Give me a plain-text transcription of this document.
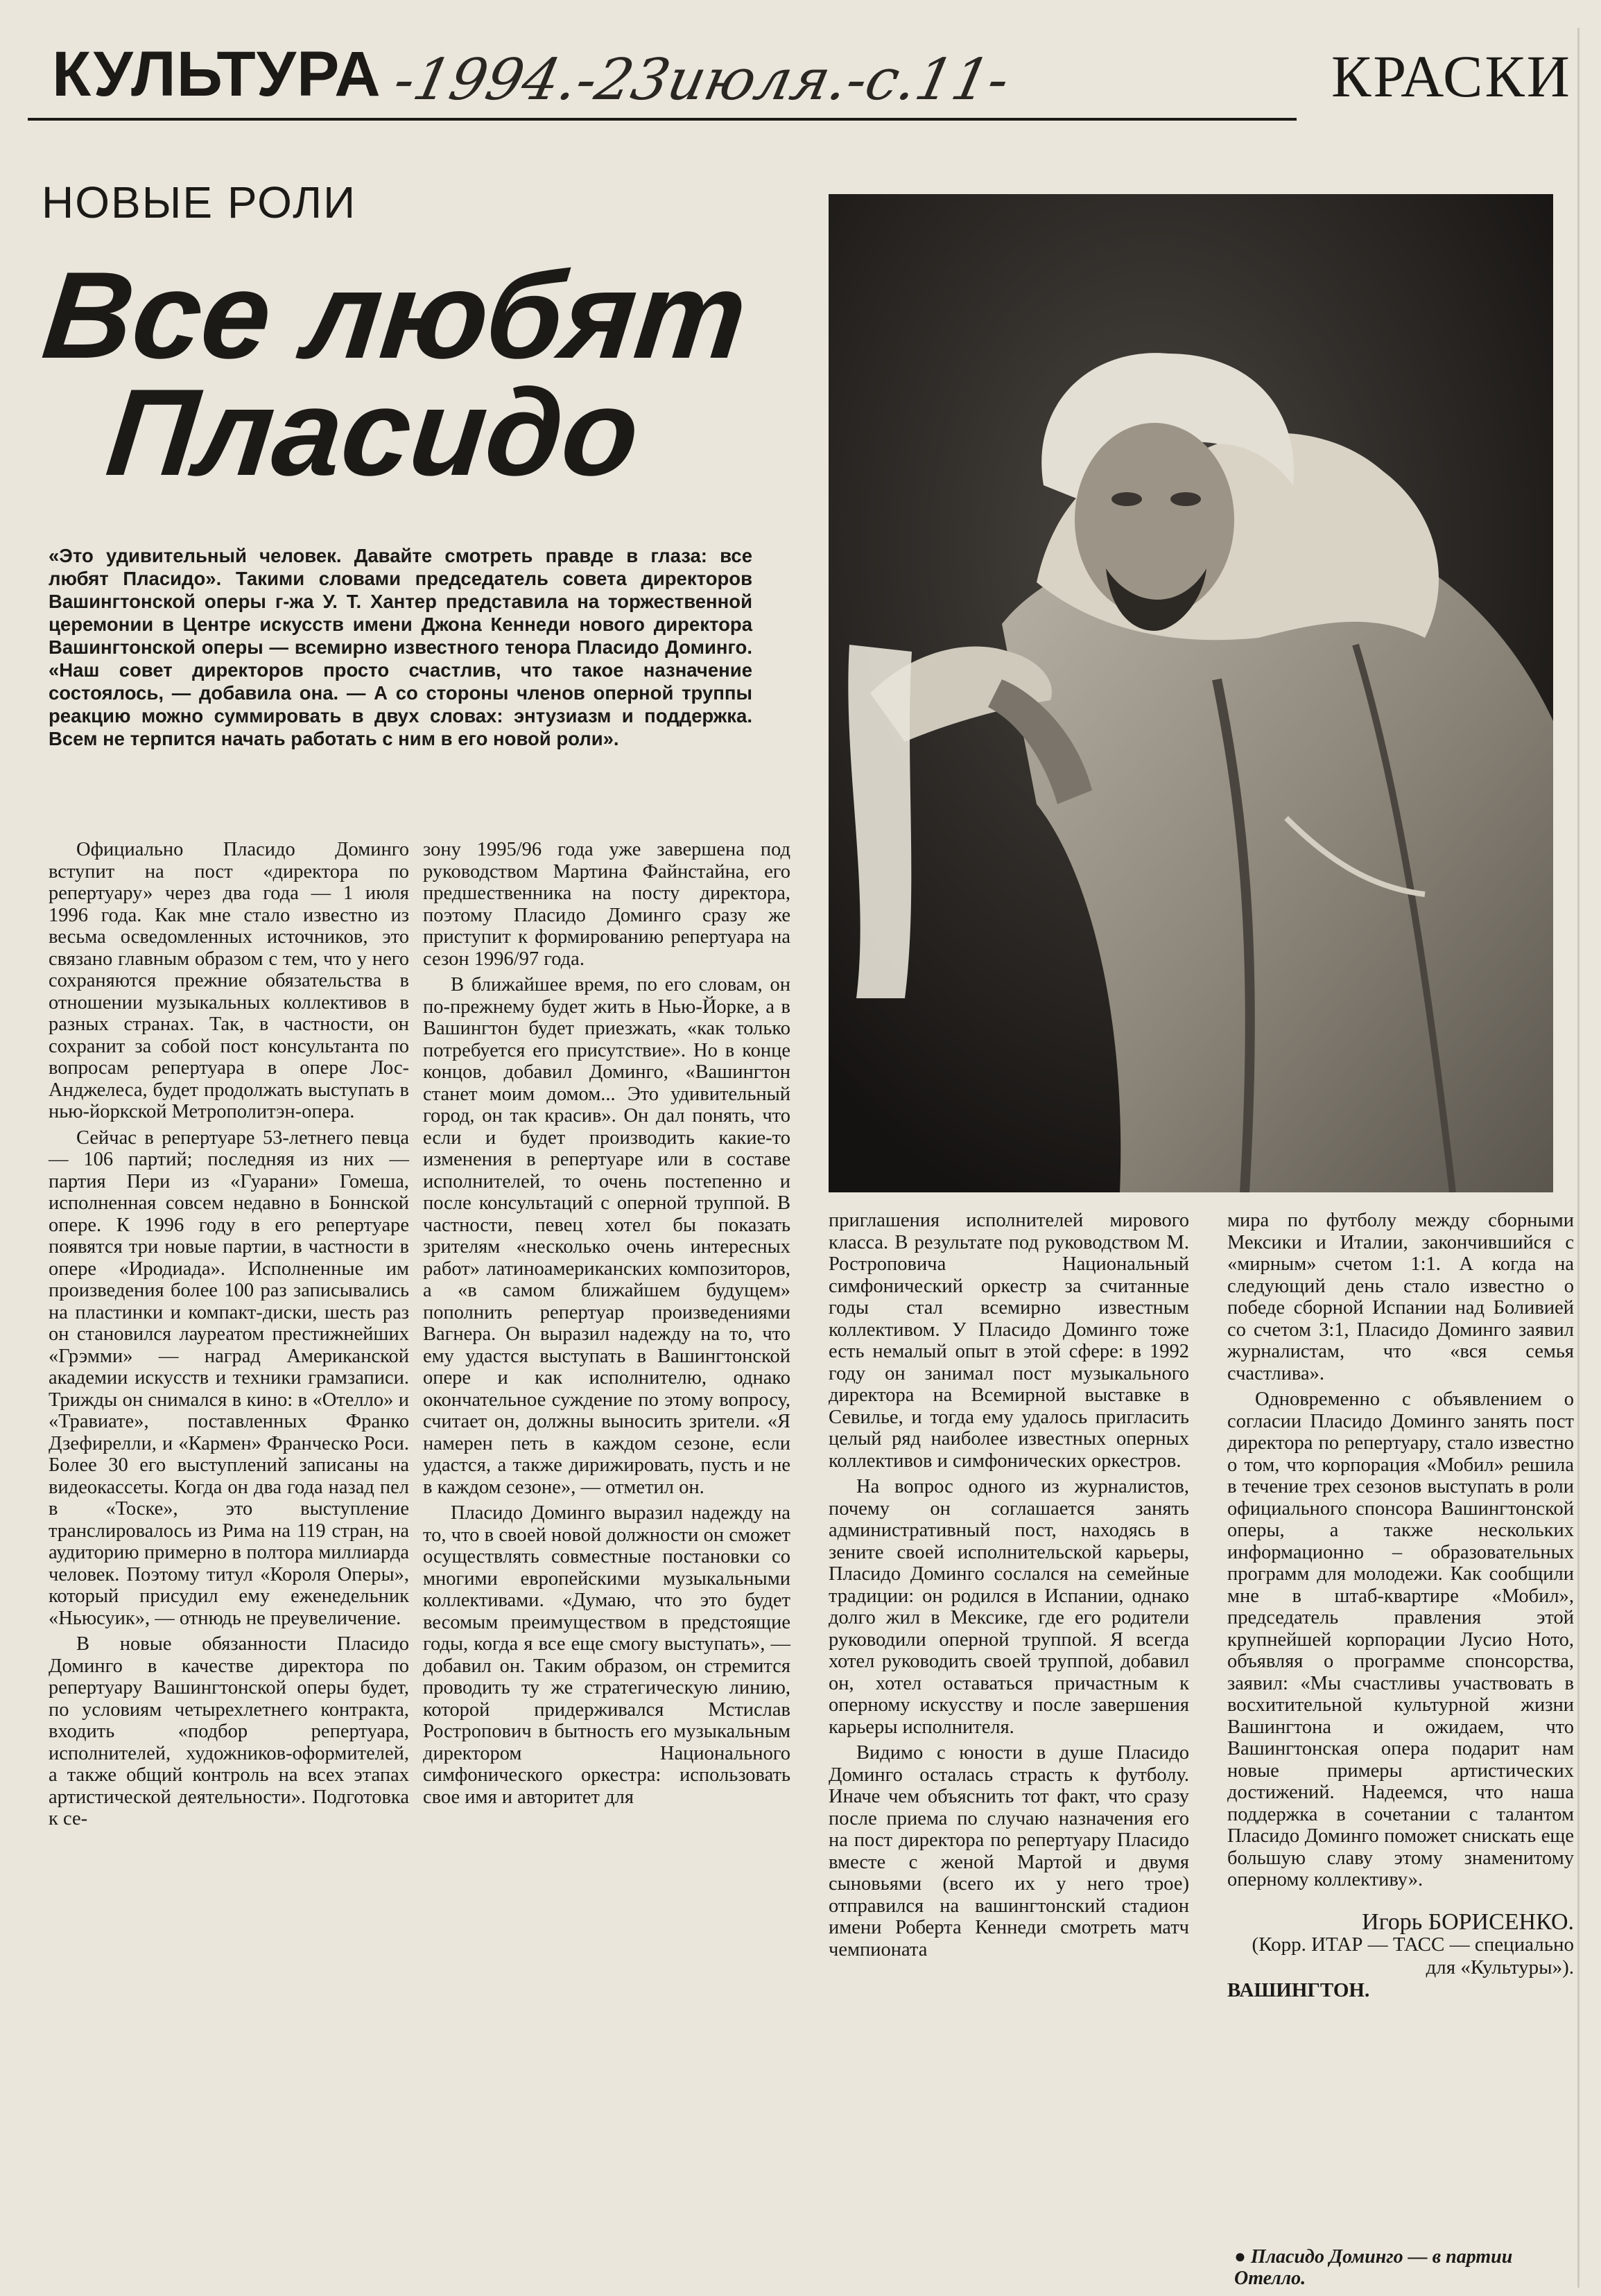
КУЛЬТУРА -1994.-23июля.-с.11-	КРАСКИ
НОВЫЕ РОЛИ
Все любят
Пласидо
«Это удивительный человек. Давайте смотреть правде в глаза: все любят Пласидо». Такими словами председатель совета директоров Вашингтонской оперы г-жа У. Т. Хантер представила на торжественной церемонии в Центре искусств имени Джона Кеннеди нового директора Вашингтонской оперы — всемирно известного тенора Пласидо Доминго. «Наш совет директоров просто счастлив, что такое назначение состоялось, — добавила она. — А со стороны членов оперной труппы реакцию можно суммировать в двух словах: энтузиазм и поддержка. Всем не терпится начать работать с ним в его новой роли».

Официально Пласидо Доминго вступит на пост «директора по репертуару» через два года — 1 июля 1996 года. Как мне стало известно из весьма осведомленных источников, это связано главным образом с тем, что у него сохраняются прежние обязательства в отношении музыкальных коллективов в разных странах. Так, в частности, он сохранит за собой пост консультанта по вопросам репертуара в опере Лос-Анджелеса, будет продолжать выступать в нью-йоркской Метрополитэн-опера.

Сейчас в репертуаре 53-летнего певца — 106 партий; последняя из них — партия Пери из «Гуарани» Гомеша, исполненная совсем недавно в Боннской опере. К 1996 году в его репертуаре появятся три новые партии, в частности в опере «Иродиада». Исполненные им произведения более 100 раз записывались на пластинки и компакт-диски, шесть раз он становился лауреатом престижнейших «Грэмми» — наград Американской академии искусств и техники грамзаписи. Трижды он снимался в кино: в «Отелло» и «Травиате», поставленных Франко Дзефирелли, и «Кармен» Франческо Роси. Более 30 его выступлений записаны на видеокассеты. Когда он два года назад пел в «Тоске», это выступление транслировалось из Рима на 119 стран, на аудиторию примерно в полтора миллиарда человек. Поэтому титул «Короля Оперы», который присудил ему еженедельник «Ньюсуик», — отнюдь не преувеличение.

В новые обязанности Пласидо Доминго в качестве директора по репертуару Вашингтонской оперы будет, по условиям четырехлетнего контракта, входить «подбор репертуара, исполнителей, художников-оформителей, а также общий контроль на всех этапах артистической деятельности». Подготовка к се-

зону 1995/96 года уже завершена под руководством Мартина Файнстайна, его предшественника на посту директора, поэтому Пласидо Доминго сразу же приступит к формированию репертуара на сезон 1996/97 года.

В ближайшее время, по его словам, он по-прежнему будет жить в Нью-Йорке, а в Вашингтон будет приезжать, «как только потребуется его присутствие». Но в конце концов, добавил Доминго, «Вашингтон станет моим домом... Это удивительный город, он так красив». Он дал понять, что если и будет производить какие-то изменения в репертуаре или в составе исполнителей, то очень постепенно и после консультаций с оперной труппой. В частности, певец хотел бы показать зрителям «несколько очень интересных работ» латиноамериканских композиторов, а «в самом ближайшем будущем» пополнить репертуар произведениями Вагнера. Он выразил надежду на то, что ему удастся выступать в Вашингтонской опере и как исполнителю, однако окончательное суждение по этому вопросу, считает он, должны выносить зрители. «Я намерен петь в каждом сезоне, если удастся, а также дирижировать, пусть и не в каждом сезоне», — отметил он.

Пласидо Доминго выразил надежду на то, что в своей новой должности он сможет осуществлять совместные постановки со многими европейскими музыкальными коллективами. «Думаю, что это будет весомым преимуществом в предстоящие годы, когда я все еще смогу выступать», — добавил он. Таким образом, он стремится проводить ту же стратегическую линию, которой придерживался Мстислав Ростропович в бытность его музыкальным директором Национального симфонического оркестра: использовать свое имя и авторитет для

приглашения исполнителей мирового класса. В результате под руководством М. Ростроповича Национальный симфонический оркестр за считанные годы стал всемирно известным коллективом. У Пласидо Доминго тоже есть немалый опыт в этой сфере: в 1992 году он занимал пост музыкального директора на Всемирной выставке в Севилье, и тогда ему удалось пригласить целый ряд наиболее известных оперных коллективов и симфонических оркестров.

На вопрос одного из журналистов, почему он соглашается занять административный пост, находясь в зените своей исполнительской карьеры, Пласидо Доминго сослался на семейные традиции: он родился в Испании, однако долго жил в Мексике, где его родители руководили оперной труппой. Я всегда хотел руководить своей труппой, добавил он, хотел оставаться причастным к оперному искусству и после завершения карьеры исполнителя.

Видимо с юности в душе Пласидо Доминго осталась страсть к футболу. Иначе чем объяснить тот факт, что сразу после приема по случаю назначения его на пост директора по репертуару Пласидо вместе с женой Мартой и двумя сыновьями (всего их у него трое) отправился на вашингтонский стадион имени Роберта Кеннеди смотреть матч чемпионата

мира по футболу между сборными Мексики и Италии, закончившийся с «мирным» счетом 1:1. А когда на следующий день стало известно о победе сборной Испании над Боливией со счетом 3:1, Пласидо Доминго заявил журналистам, что «вся семья счастлива».

Одновременно с объявлением о согласии Пласидо Доминго занять пост директора по репертуару, стало известно о том, что корпорация «Мобил» решила в течение трех сезонов выступать в роли официального спонсора Вашингтонской оперы, а также нескольких информационно – образовательных программ для молодежи. Как сообщили мне в штаб-квартире «Мобил», председатель правления этой крупнейшей корпорации Лусио Ното, объявляя о программе спонсорства, заявил: «Мы счастливы участвовать в восхитительной культурной жизни Вашингтона и ожидаем, что Вашингтонская опера подарит нам новые примеры артистических достижений. Надеемся, что наша поддержка в сочетании с талантом Пласидо Доминго поможет снискать еще большую славу этому знаменитому оперному коллективу».

Игорь БОРИСЕНКО.
(Корр. ИТАР — ТАСС — специально для «Культуры»).
ВАШИНГТОН.
● Пласидо Доминго — в партии Отелло.
